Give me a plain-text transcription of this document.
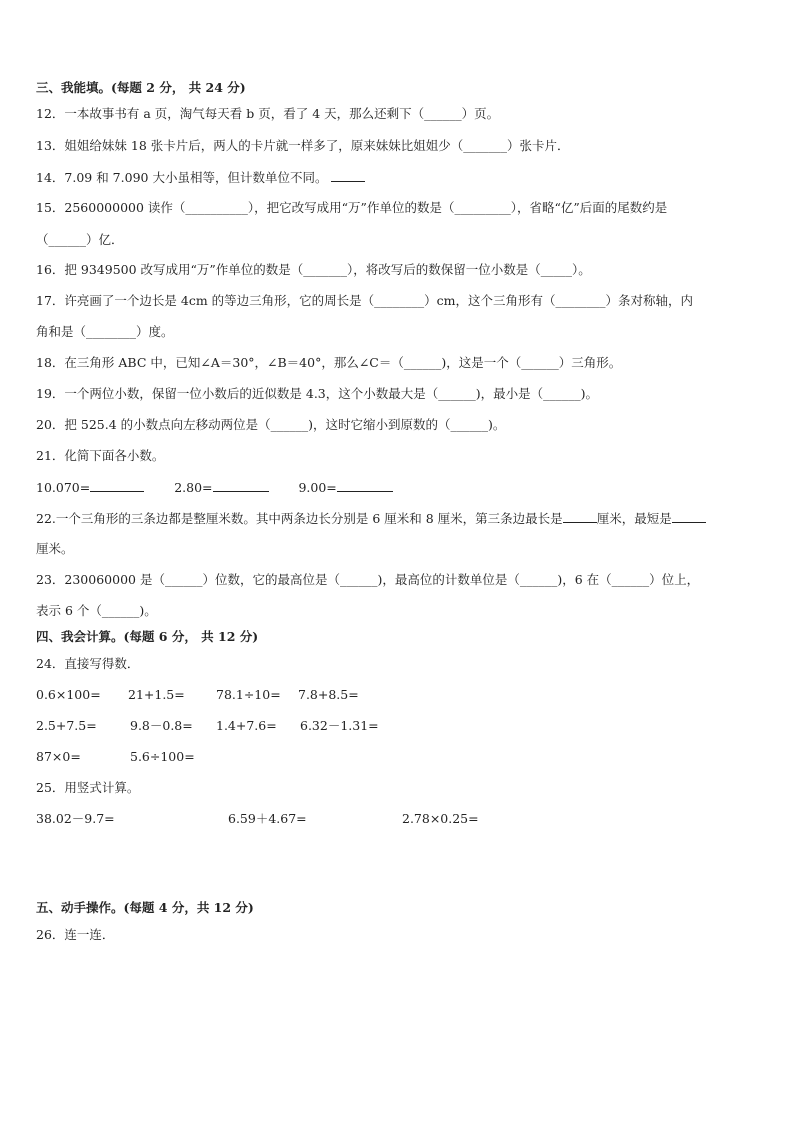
三、我能填。(每题 2 分， 共 24 分)
12．一本故事书有 a 页，淘气每天看 b 页，看了 4 天，那么还剩下（______）页。
13．姐姐给妹妹 18 张卡片后，两人的卡片就一样多了，原来妹妹比姐姐少（_______）张卡片．
14．7.09 和 7.090 大小虽相等，但计数单位不同。
15．2560000000 读作（__________），把它改写成用“万”作单位的数是（_________），省略“亿”后面的尾数约是
（______）亿．
16．把 9349500 改写成用“万”作单位的数是（_______），将改写后的数保留一位小数是（_____）。
17．许亮画了一个边长是 4cm 的等边三角形，它的周长是（________）cm，这个三角形有（________）条对称轴，内
角和是（________）度。
18．在三角形 ABC 中，已知∠A＝30°，∠B＝40°，那么∠C＝（______)，这是一个（______）三角形。
19．一个两位小数，保留一位小数后的近似数是 4.3，这个小数最大是（______)，最小是（______)。
20．把 525.4 的小数点向左移动两位是（______)，这时它缩小到原数的（______)。
21．化简下面各小数。
10.070=	2.80=	9.00=
22.一个三角形的三条边都是整厘米数。其中两条边长分别是 6 厘米和 8 厘米，第三条边最长是	厘米，最短是
厘米。
23．230060000 是（______）位数，它的最高位是（______)，最高位的计数单位是（______)，6 在（______）位上，
表示 6 个（______)。
四、我会计算。(每题 6 分， 共 12 分)
24．直接写得数．
0.6×100= 21+1.5=	78.1÷10= 7.8+8.5=
2.5+7.5=	9.8－0.8= 1.4+7.6= 6.32－1.31=
87×0=	5.6÷100=
25．用竖式计算。
38.02－9.7=	6.59＋4.67=	2.78×0.25=
五、动手操作。(每题 4 分，共 12 分)
26．连一连．
